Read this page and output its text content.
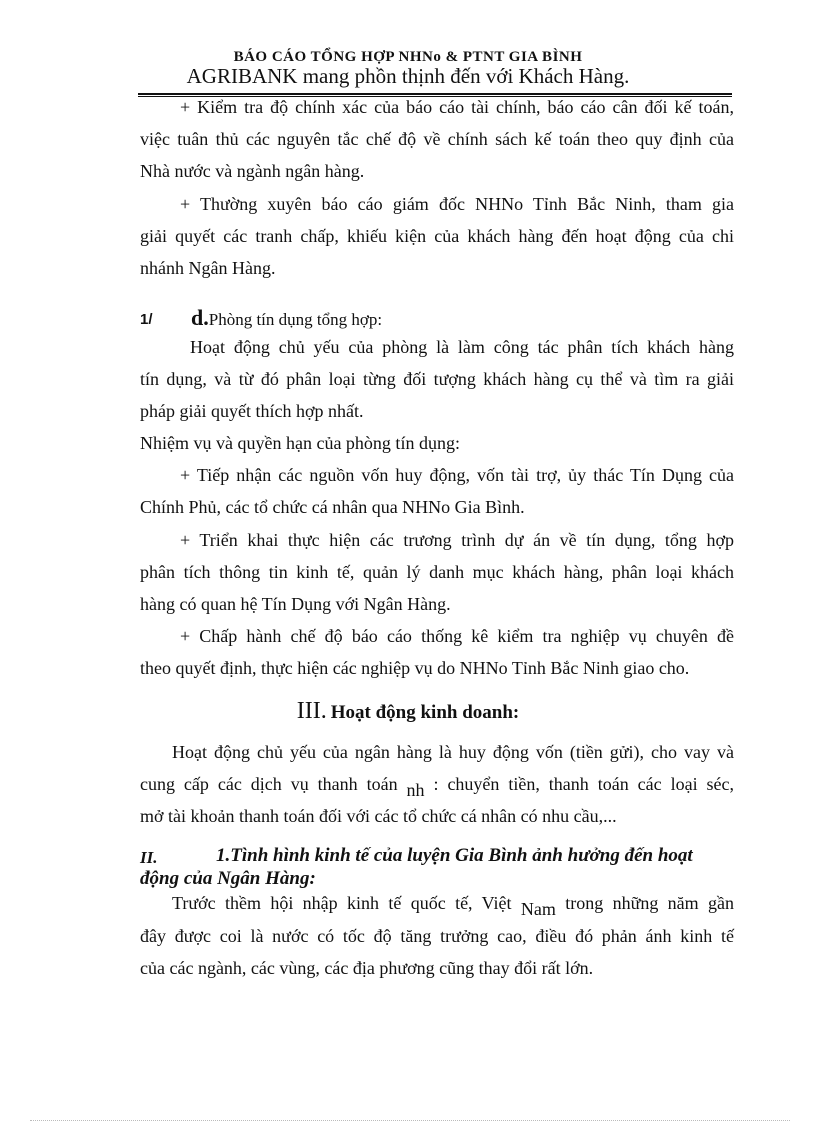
BÁO CÁO TỔNG HỢP NHNo & PTNT GIA BÌNH
AGRIBANK mang phồn thịnh đến với Khách Hàng.
+ Kiểm tra độ chính xác của báo cáo tài chính, báo cáo cân đối kế toán,
việc tuân thủ các nguyên tắc chế độ về chính sách kế toán theo quy định của
Nhà nước và ngành ngân hàng.
+ Thường xuyên báo cáo giám đốc NHNo Tỉnh Bắc Ninh, tham gia
giải quyết các tranh chấp, khiếu kiện của khách hàng đến hoạt động của chi
nhánh Ngân Hàng.
1/ d.Phòng tín dụng tổng hợp:
Hoạt động chủ yếu của phòng là làm công tác phân tích khách hàng
tín dụng, và từ đó phân loại từng đối tượng khách hàng cụ thể và tìm ra giải
pháp giải quyết thích hợp nhất.
Nhiệm vụ và quyền hạn của phòng tín dụng:
+ Tiếp nhận các nguồn vốn huy động, vốn tài trợ, ủy thác Tín Dụng của
Chính Phủ, các tổ chức cá nhân qua NHNo Gia Bình.
+ Triển khai thực hiện các trương trình dự án về tín dụng, tổng hợp
phân tích thông tin kinh tế, quản lý danh mục khách hàng, phân loại khách
hàng có quan hệ Tín Dụng với Ngân Hàng.
+ Chấp hành chế độ báo cáo thống kê kiểm tra nghiệp vụ chuyên đề
theo quyết định, thực hiện các nghiệp vụ do NHNo Tỉnh Bắc Ninh giao cho.
III. Hoạt động kinh doanh:
Hoạt động chủ yếu của ngân hàng là huy động vốn (tiền gửi), cho vay và
cung cấp các dịch vụ thanh toán nh : chuyển tiền, thanh toán các loại séc,
mở tài khoản thanh toán đối với các tổ chức cá nhân có nhu cầu,...
II.	1.Tình hình kinh tế của luyện Gia Bình ảnh hưởng đến hoạt
động của Ngân Hàng:
Trước thềm hội nhập kinh tế quốc tế, Việt Nam trong những năm gần
đây được coi là nước có tốc độ tăng trưởng cao, điều đó phản ánh kinh tế
của các ngành, các vùng, các địa phương cũng thay đổi rất lớn.
